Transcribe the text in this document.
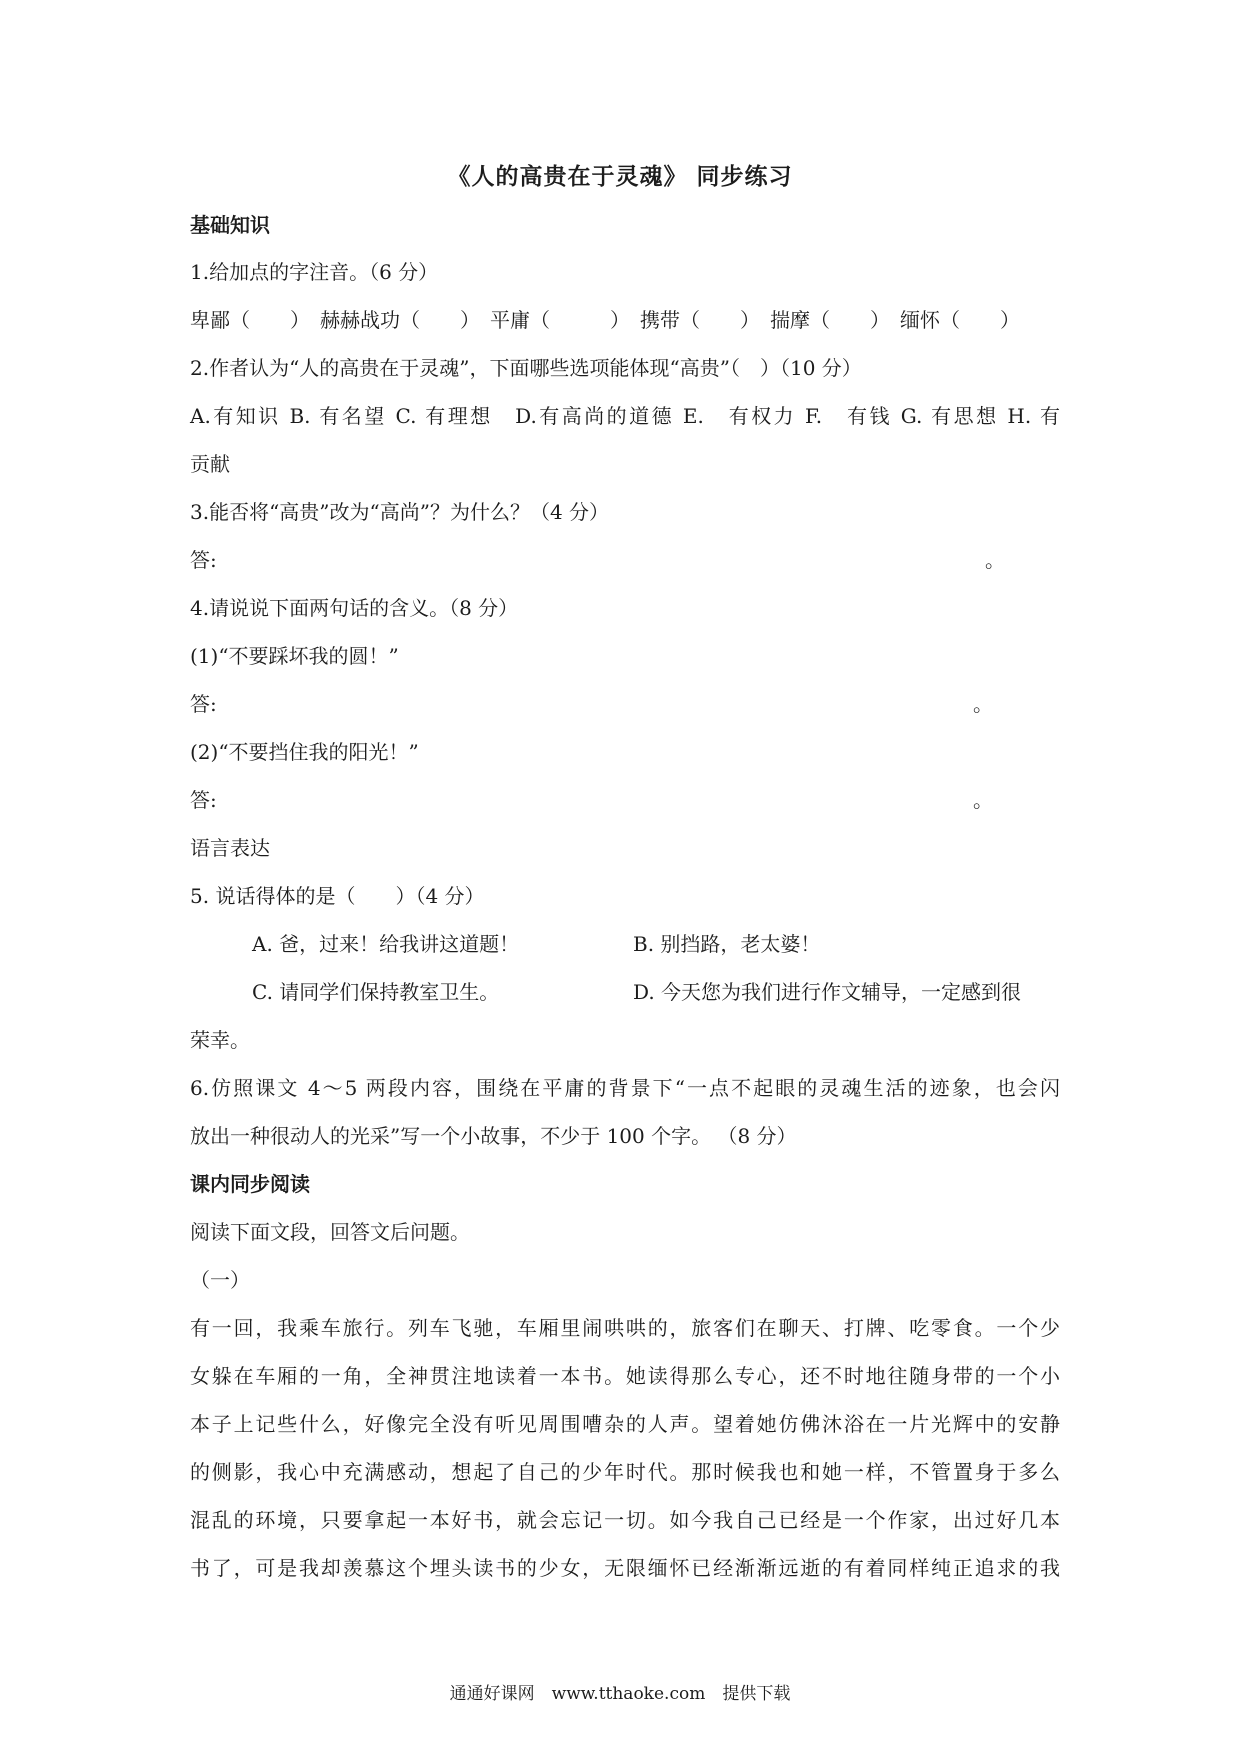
《人的高贵在于灵魂》 同步练习
基础知识
1.给加点的字注音。（6 分）
卑鄙（　　）　赫赫战功（　　）　平庸（　　　）　携带（　　）　揣摩（　　）　缅怀（　　）
2.作者认为“人的高贵在于灵魂”，下面哪些选项能体现“高贵”（　）（10 分）
A.有知识 B. 有名望 C. 有理想　D.有高尚的道德 E.　有权力 F.　有钱 G. 有思想 H. 有
贡献
3.能否将“高贵”改为“高尚”？为什么？（4 分）
答:	。
4.请说说下面两句话的含义。（8 分）
(1)“不要踩坏我的圆！”
答:	。
(2)“不要挡住我的阳光！”
答:	。
语言表达
5. 说话得体的是（　　）（4 分）
A. 爸，过来！给我讲这道题！	B. 别挡路，老太婆！
C. 请同学们保持教室卫生。	D. 今天您为我们进行作文辅导，一定感到很
荣幸。
6.仿照课文 4～5 两段内容，围绕在平庸的背景下“一点不起眼的灵魂生活的迹象，也会闪
放出一种很动人的光采”写一个小故事，不少于 100 个字。 （8 分）
课内同步阅读
阅读下面文段，回答文后问题。
（一）
有一回，我乘车旅行。列车飞驰，车厢里闹哄哄的，旅客们在聊天、打牌、吃零食。一个少
女躲在车厢的一角，全神贯注地读着一本书。她读得那么专心，还不时地往随身带的一个小
本子上记些什么，好像完全没有听见周围嘈杂的人声。望着她仿佛沐浴在一片光辉中的安静
的侧影，我心中充满感动，想起了自己的少年时代。那时候我也和她一样，不管置身于多么
混乱的环境，只要拿起一本好书，就会忘记一切。如今我自己已经是一个作家，出过好几本
书了，可是我却羡慕这个埋头读书的少女，无限缅怀已经渐渐远逝的有着同样纯正追求的我
通通好课网　www.tthaoke.com　提供下载
